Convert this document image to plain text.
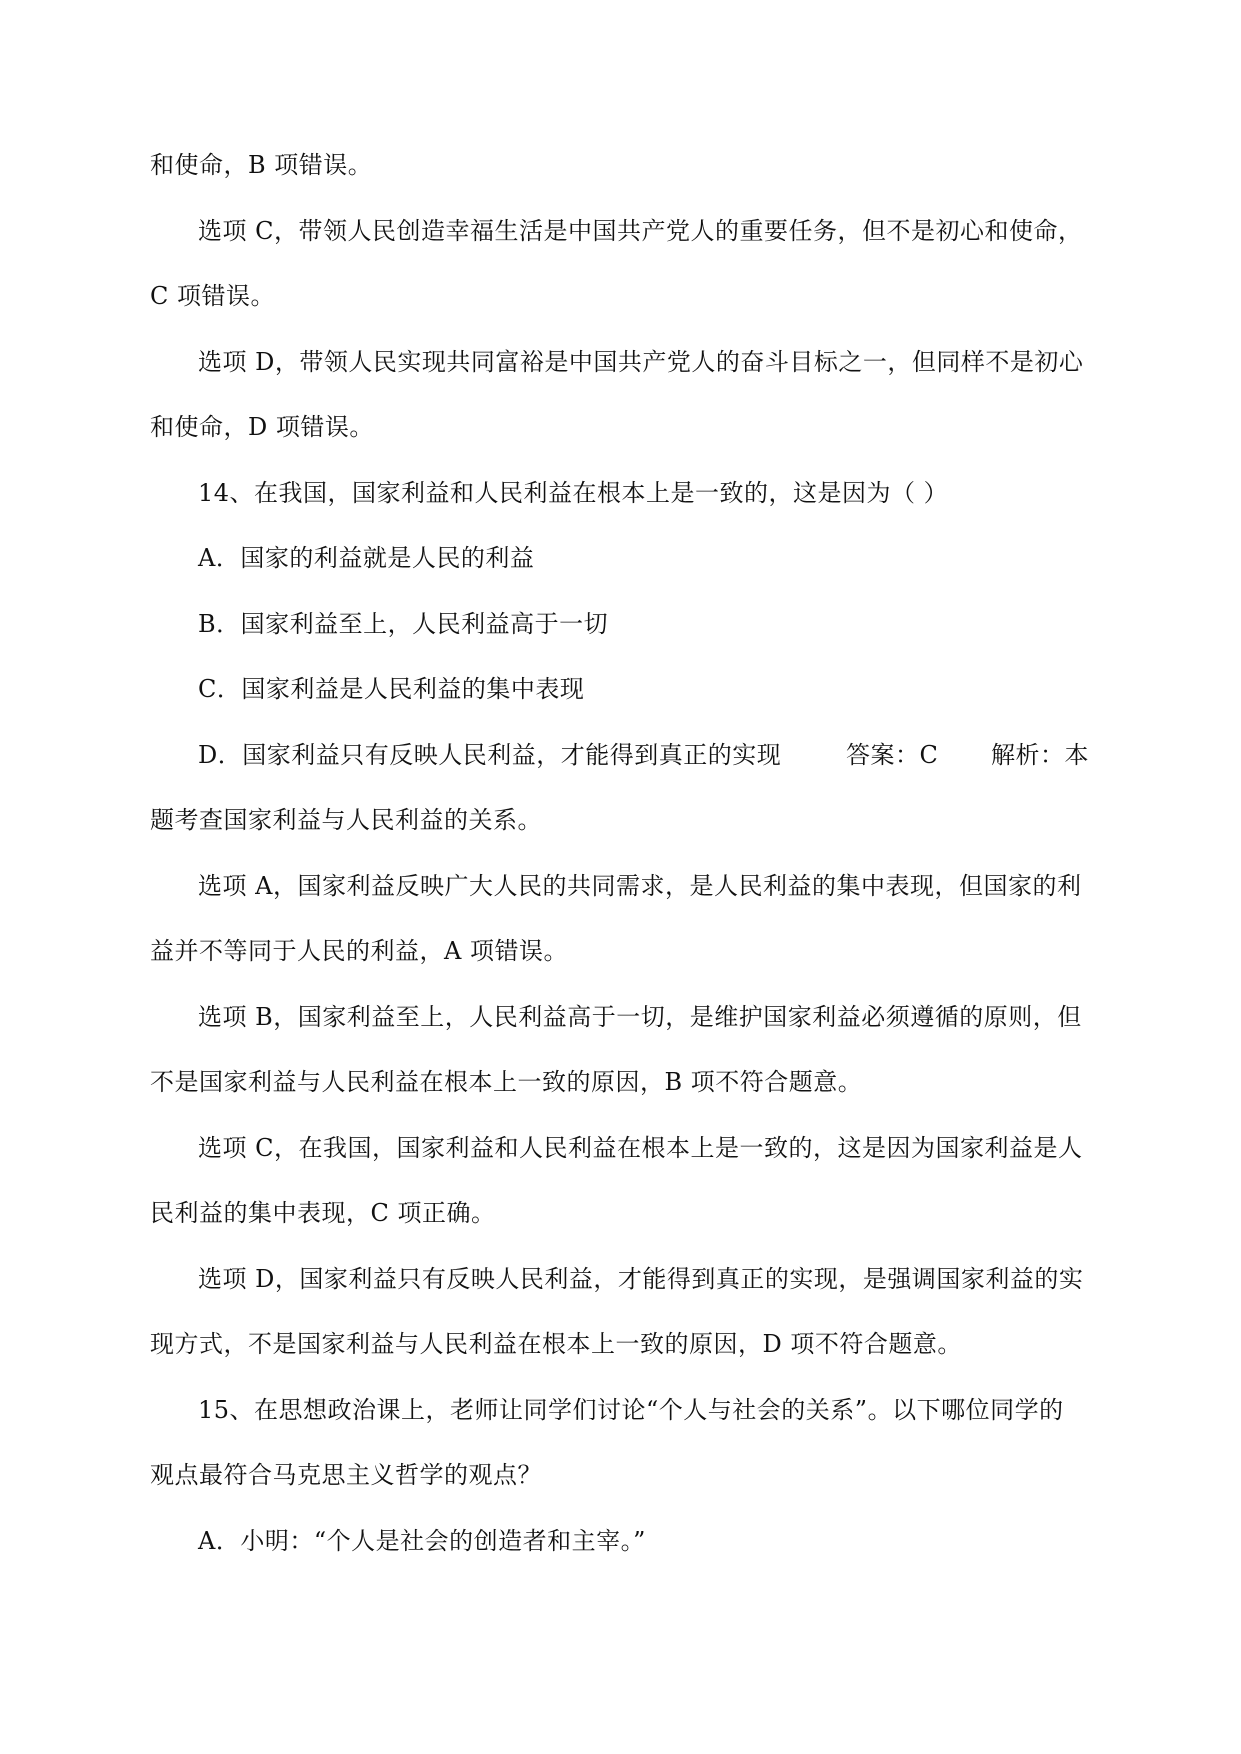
和使命，B 项错误。
选项 C，带领人民创造幸福生活是中国共产党人的重要任务，但不是初心和使命，
C 项错误。
选项 D，带领人民实现共同富裕是中国共产党人的奋斗目标之一，但同样不是初心
和使命，D 项错误。
14、在我国，国家利益和人民利益在根本上是一致的，这是因为（ ）
A．国家的利益就是人民的利益
B．国家利益至上，人民利益高于一切
C．国家利益是人民利益的集中表现
D．国家利益只有反映人民利益，才能得到真正的实现	答案：C 解析：本
题考查国家利益与人民利益的关系。
选项 A，国家利益反映广大人民的共同需求，是人民利益的集中表现，但国家的利
益并不等同于人民的利益，A 项错误。
选项 B，国家利益至上，人民利益高于一切，是维护国家利益必须遵循的原则，但
不是国家利益与人民利益在根本上一致的原因，B 项不符合题意。
选项 C，在我国，国家利益和人民利益在根本上是一致的，这是因为国家利益是人
民利益的集中表现，C 项正确。
选项 D，国家利益只有反映人民利益，才能得到真正的实现，是强调国家利益的实
现方式，不是国家利益与人民利益在根本上一致的原因，D 项不符合题意。
15、在思想政治课上，老师让同学们讨论“个人与社会的关系”。以下哪位同学的
观点最符合马克思主义哲学的观点？
A．小明：“个人是社会的创造者和主宰。”
